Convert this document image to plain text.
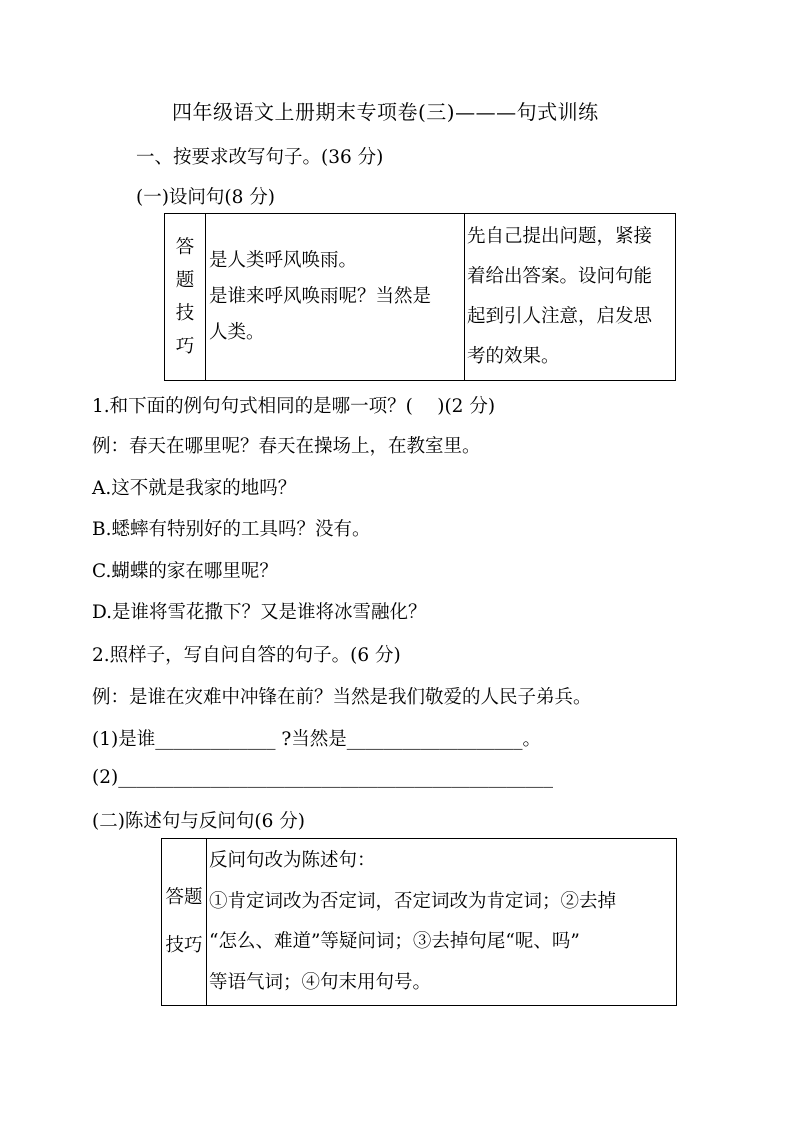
四年级语文上册期末专项卷(三)———句式训练
一、按要求改写句子。(36 分)
(一)设问句(8 分)
答
题
技
巧

是人类呼风唤雨。
是谁来呼风唤雨呢？当然是
人类。

先自己提出问题，紧接
着给出答案。设问句能
起到引人注意，启发思
考的效果。
1.和下面的例句句式相同的是哪一项？(　 )(2 分)
例：春天在哪里呢？春天在操场上，在教室里。
A.这不就是我家的地吗？
B.蟋蟀有特别好的工具吗？没有。
C.蝴蝶的家在哪里呢？
D.是谁将雪花撒下？又是谁将冰雪融化？
2.照样子，写自问自答的句子。(6 分)
例：是谁在灾难中冲锋在前？当然是我们敬爱的人民子弟兵。
(1)是谁_____________ ?当然是___________________。
(2)_______________________________________________
(二)陈述句与反问句(6 分)
答题
技巧

反问句改为陈述句：
①肯定词改为否定词，否定词改为肯定词；②去掉
“怎么、难道”等疑问词；③去掉句尾“呢、吗”
等语气词；④句末用句号。
